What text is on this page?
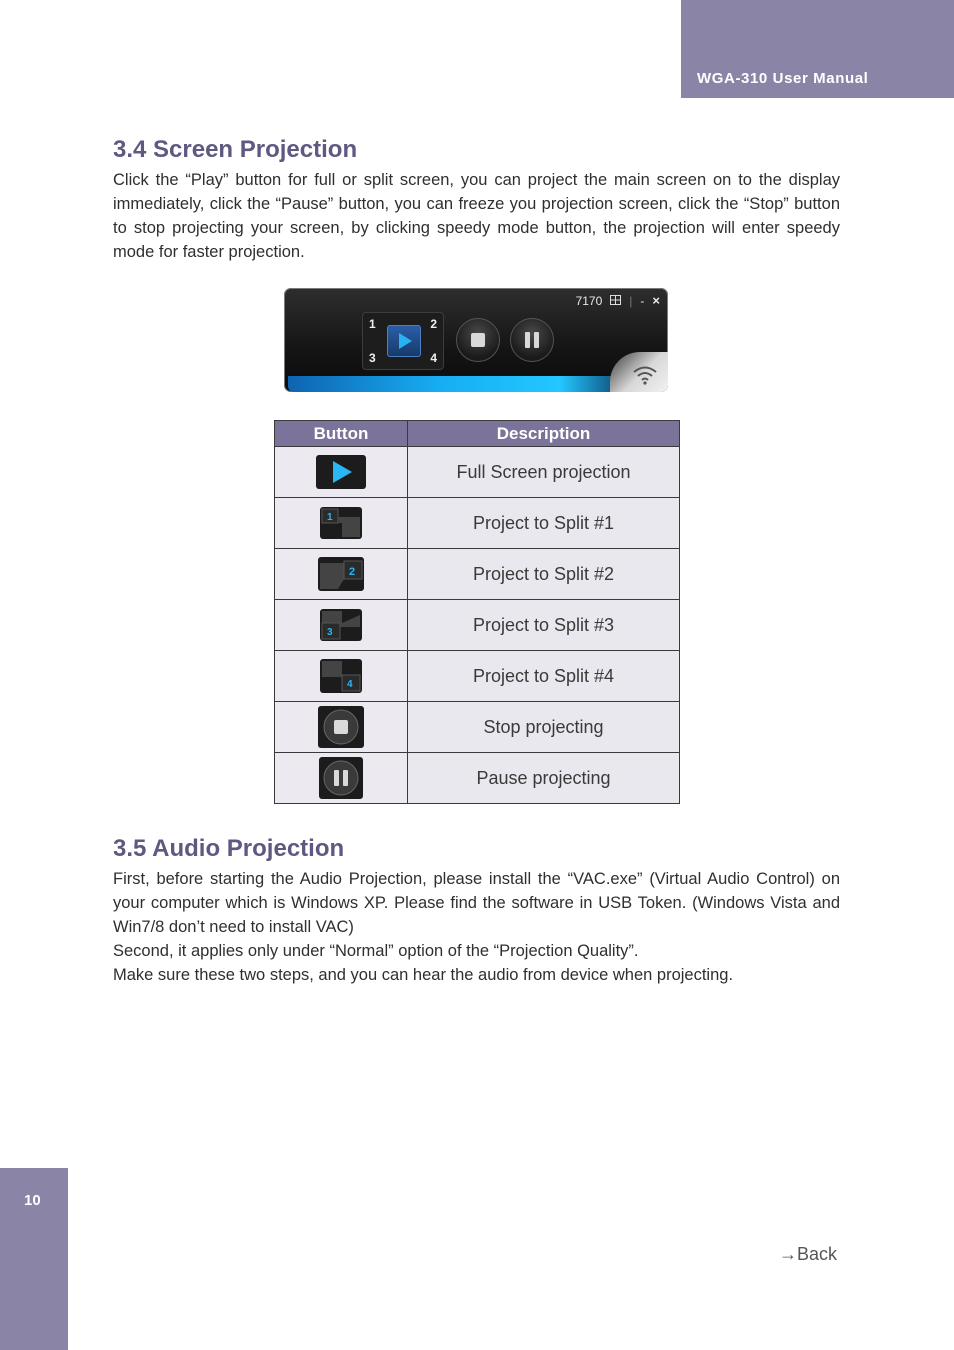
WGA-310 User Manual
3.4 Screen Projection

Click the “Play” button for full or split screen, you can project the main screen on to the display immediately, click the “Pause” button, you can freeze you projection screen, click the “Stop” button to stop projecting your screen, by clicking speedy mode button, the projection will enter speedy mode for faster projection.

7170 | - ×
1	2
3	4
Button	Description

	Full Screen projection

1	Project to Split #1

2	Project to Split #2

3	Project to Split #3

4	Project to Split #4

	Stop projecting

	Pause projecting
3.5 Audio Projection

First, before starting the Audio Projection, please install the “VAC.exe” (Virtual Audio Control) on your computer which is Windows XP. Please find the software in USB Token. (Windows Vista and Win7/8 don’t need to install VAC)

Second, it applies only under “Normal” option of the “Projection Quality”.

Make sure these two steps, and you can hear the audio from device when projecting.

10
→Back
